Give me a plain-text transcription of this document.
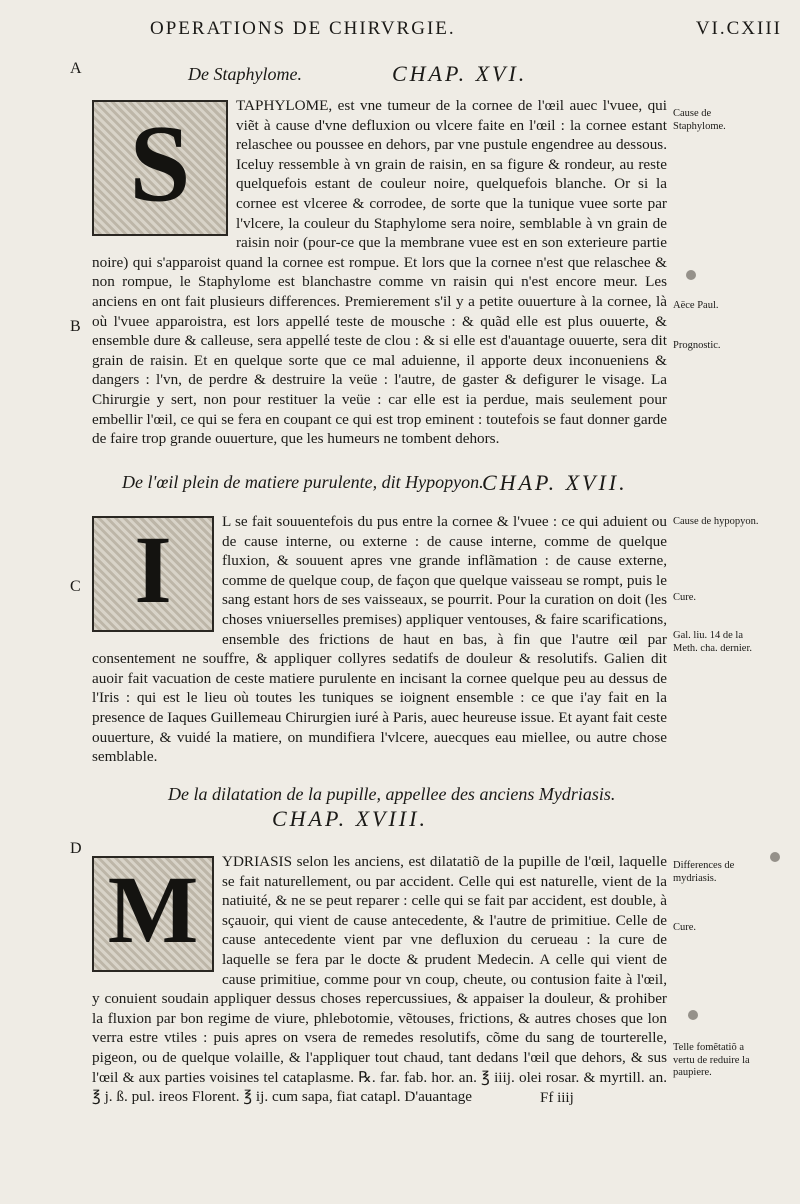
OPERATIONS DE CHIRVRGIE.	VI.CXIII
A
B
C
D
De Staphylome.	CHAP. XVI.
S	TAPHYLOME, est vne tumeur de la cornee de l'œil auec l'vuee, qui viẽt à cause d'vne defluxion ou vlcere faite en l'œil : la cornee estant relaschee ou poussee en dehors, par vne pustule engendree au dessous. Iceluy ressemble à vn grain de raisin, en sa figure & rondeur, au reste quelquefois estant de couleur noire, quelquefois blanche. Or si la cornee est vlceree & corrodee, de sorte que la tunique vuee sorte par l'vlcere, la couleur du Staphylome sera noire, semblable à vn grain de raisin noir (pour-ce que la membrane vuee est en son exterieure partie noire) qui s'apparoist quand la cornee est rompue. Et lors que la cornee n'est que relaschee & non rompue, le Staphylome est blanchastre comme vn raisin qui n'est encore meur. Les anciens en ont fait plusieurs differences. Premierement s'il y a petite ouuerture à la cornee, là où l'vuee apparoistra, est lors appellé teste de mousche : & quãd elle est plus ouuerte, & ensemble dure & calleuse, sera appellé teste de clou : & si elle est d'auantage ouuerte, sera dit grain de raisin. Et en quelque sorte que ce mal aduienne, il apporte deux inconueniens & dangers : l'vn, de perdre & destruire la veüe : l'autre, de gaster & defigurer le visage. La Chirurgie y sert, non pour restituer la veüe : car elle est ia perdue, mais seulement pour embellir l'œil, ce qui se fera en coupant ce qui est trop eminent : toutefois se faut donner garde de faire trop grande ouuerture, que les humeurs ne tombent dehors.
De l'œil plein de matiere purulente, dit Hypopyon.
CHAP. XVII.
I	L se fait souuentefois du pus entre la cornee & l'vuee : ce qui aduient ou de cause interne, ou externe : de cause interne, comme de quelque fluxion, & souuent apres vne grande inflãmation : de cause externe, comme de quelque coup, de façon que quelque vaisseau se rompt, puis le sang estant hors de ses vaisseaux, se pourrit. Pour la curation on doit (les choses vniuerselles premises) appliquer ventouses, & faire scarifications, ensemble des frictions de haut en bas, à fin que l'autre œil par consentement ne souffre, & appliquer collyres sedatifs de douleur & resolutifs. Galien dit auoir fait vacuation de ceste matiere purulente en incisant la cornee quelque peu au dessus de l'Iris : qui est le lieu où toutes les tuniques se ioignent ensemble : ce que i'ay fait en la presence de Iaques Guillemeau Chirurgien iuré à Paris, auec heureuse issue. Et ayant fait ceste ouuerture, & vuidé la matiere, on mundifiera l'vlcere, auecques eau miellee, ou autre chose semblable.
De la dilatation de la pupille, appellee des anciens Mydriasis.
CHAP. XVIII.
M	YDRIASIS selon les anciens, est dilatatiõ de la pupille de l'œil, laquelle se fait naturellement, ou par accident. Celle qui est naturelle, vient de la natiuité, & ne se peut reparer : celle qui se fait par accident, est double, à sçauoir, qui vient de cause antecedente, & l'autre de primitiue. Celle de cause antecedente vient par vne defluxion du cerueau : la cure de laquelle se fera par le docte & prudent Medecin. A celle qui vient de cause primitiue, comme pour vn coup, cheute, ou contusion faite à l'œil, y conuient soudain appliquer dessus choses repercussiues, & appaiser la douleur, & prohiber la fluxion par bon regime de viure, phlebotomie, vẽtouses, frictions, & autres choses que lon verra estre vtiles : puis apres on vsera de remedes resolutifs, cõme du sang de tourterelle, pigeon, ou de quelque volaille, & l'appliquer tout chaud, tant dedans l'œil que dehors, & sus l'œil & aux parties voisines tel cataplasme. ℞. far. fab. hor. an. ℥ iiij. olei rosar. & myrtill. an. ℥ j. ß. pul. ireos Florent. ℥ ij. cum sapa, fiat catapl. D'auantage
Cause de Staphylome.
Aëce Paul.
Prognostic.
Cause de hypopyon.
Cure.
Gal. liu. 14 de la Meth. cha. dernier.
Differences de mydriasis.
Cure.
Telle fomẽtatiõ a vertu de reduire la paupiere.
Ff iiij
